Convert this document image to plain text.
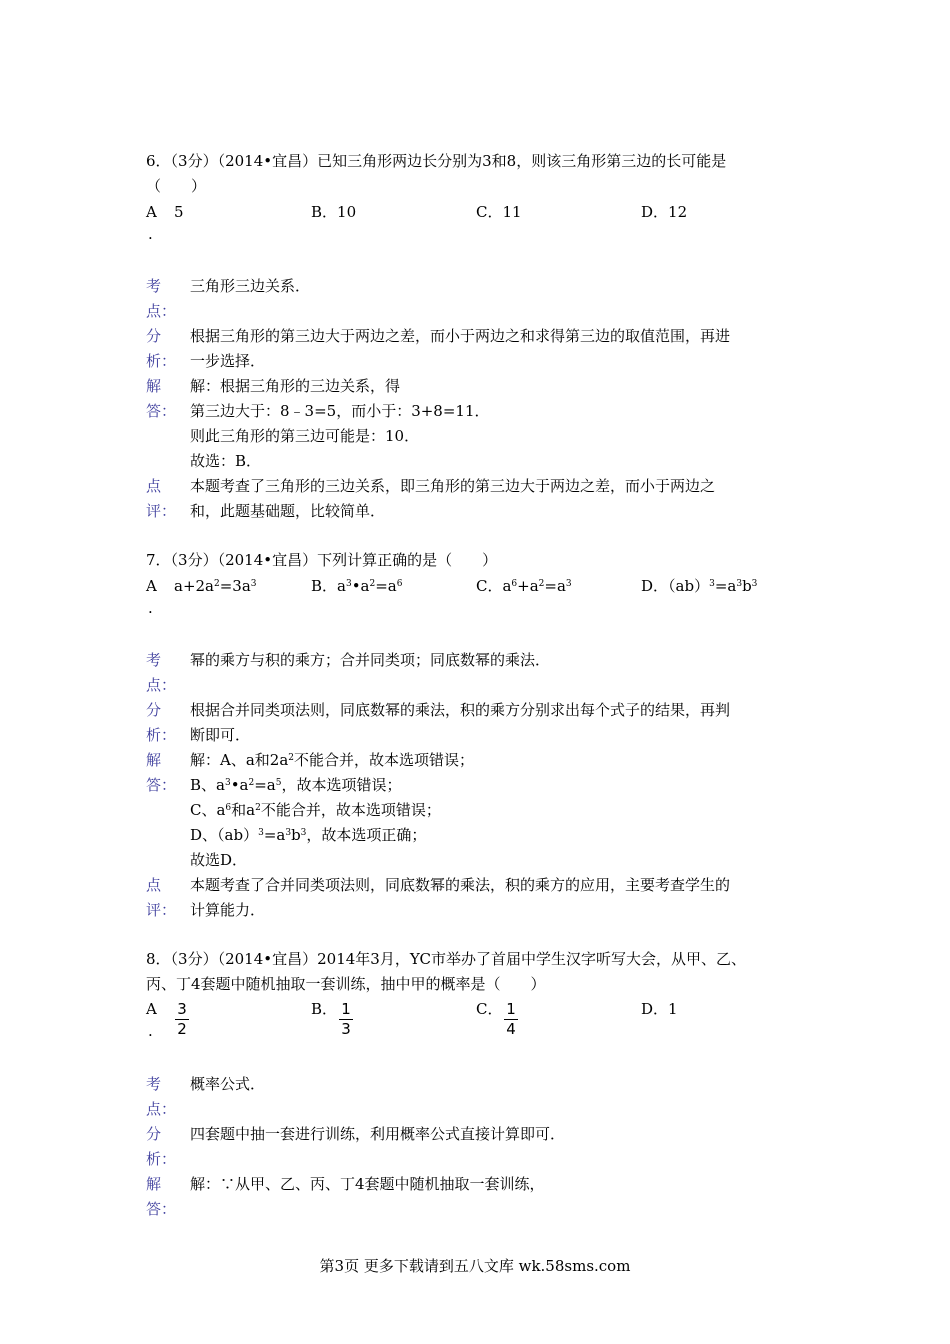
6．（3分）（2014•宜昌）已知三角形两边长分别为3和8，则该三角形第三边的长可能是
（　　）
A
.
5	B．10	C．11	D．12
考
点：
三角形三边关系．
分
析：
根据三角形的第三边大于两边之差，而小于两边之和求得第三边的取值范围，再进
一步选择．
解
答：
解：根据三角形的三边关系，得
第三边大于：8﹣3=5，而小于：3+8=11．
则此三角形的第三边可能是：10．
故选：B．
点
评：
本题考查了三角形的三边关系，即三角形的第三边大于两边之差，而小于两边之
和，此题基础题，比较简单．
7．（3分）（2014•宜昌）下列计算正确的是（　　）
A
.
$a+2a^2=3a^3$	B．$a^3•a^2=a^6$	C．$a^6+a^2=a^3$	D．$(ab)^3=a^3b^3$
考
点：
幂的乘方与积的乘方；合并同类项；同底数幂的乘法．
分
析：
根据合并同类项法则，同底数幂的乘法，积的乘方分别求出每个式子的结果，再判
断即可．
解
答：
解：A、a和$2a^2$不能合并，故本选项错误；
B、$a^3•a^2=a^5$，故本选项错误；
C、$a^6$和$a^2$不能合并，故本选项错误；
D、$(ab)^3=a^3b^3$，故本选项正确；
故选D．
点
评：
本题考查了合并同类项法则，同底数幂的乘法，积的乘方的应用，主要考查学生的
计算能力．
8．（3分）（2014•宜昌）2014年3月，YC市举办了首届中学生汉字听写大会，从甲、乙、
丙、丁4套题中随机抽取一套训练，抽中甲的概率是（　　）
A
. $\frac{3}{2}$	B． $\frac{1}{3}$	C． $\frac{1}{4}$	D．1
考
点：
概率公式．
分
析：
四套题中抽一套进行训练，利用概率公式直接计算即可．
解
答：
解：∵从甲、乙、丙、丁4套题中随机抽取一套训练，
第3页 更多下载请到五八文库 wk.58sms.com
